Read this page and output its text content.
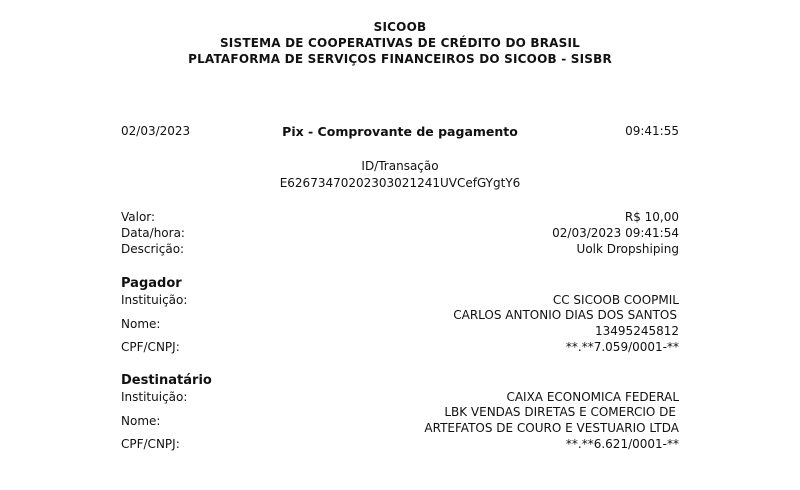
SICOOB
SISTEMA DE COOPERATIVAS DE CRÉDITO DO BRASIL
PLATAFORMA DE SERVIÇOS FINANCEIROS DO SICOOB - SISBR
02/03/2023	09:41:55
Pix - Comprovante de pagamento
ID/Transação
E62673470202303021241UVCefGYgtY6
Valor:	R$ 10,00
Data/hora:	02/03/2023 09:41:54
Descrição:	Uolk Dropshiping
Pagador
Instituição:	CC SICOOB COOPMIL
Nome:
CARLOS ANTONIO DIAS DOS SANTOS
13495245812
CPF/CNPJ:	**.**7.059/0001-**
Destinatário
Instituição:	CAIXA ECONOMICA FEDERAL
Nome:
LBK VENDAS DIRETAS E COMERCIO DE
ARTEFATOS DE COURO E VESTUARIO LTDA
CPF/CNPJ:	**.**6.621/0001-**
